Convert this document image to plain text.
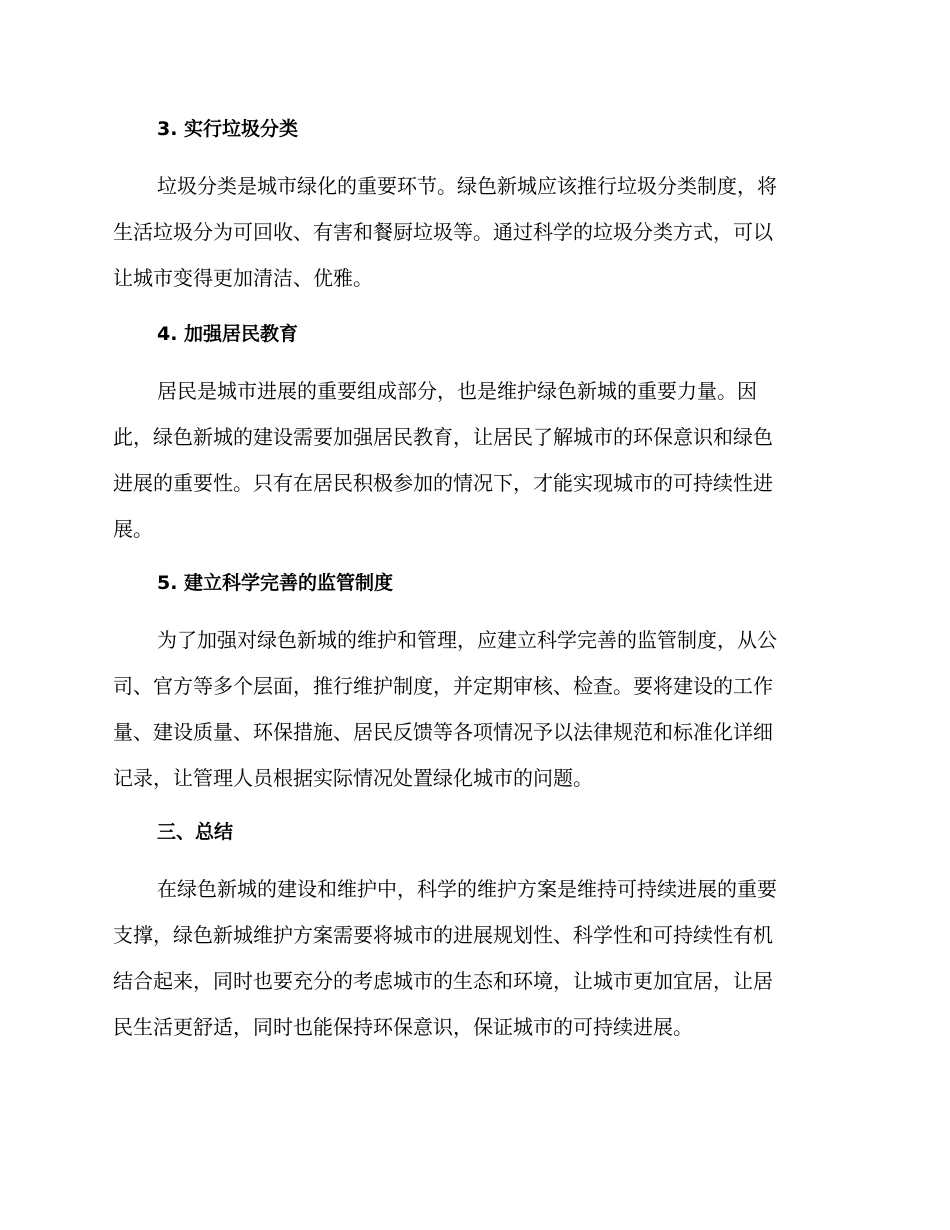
3. 实行垃圾分类
垃圾分类是城市绿化的重要环节。绿色新城应该推行垃圾分类制度，将
生活垃圾分为可回收、有害和餐厨垃圾等。通过科学的垃圾分类方式，可以
让城市变得更加清洁、优雅。
4. 加强居民教育
居民是城市进展的重要组成部分，也是维护绿色新城的重要力量。因
此，绿色新城的建设需要加强居民教育，让居民了解城市的环保意识和绿色
进展的重要性。只有在居民积极参加的情况下，才能实现城市的可持续性进
展。
5. 建立科学完善的监管制度
为了加强对绿色新城的维护和管理，应建立科学完善的监管制度，从公
司、官方等多个层面，推行维护制度，并定期审核、检查。要将建设的工作
量、建设质量、环保措施、居民反馈等各项情况予以法律规范和标准化详细
记录，让管理人员根据实际情况处置绿化城市的问题。
三、总结
在绿色新城的建设和维护中，科学的维护方案是维持可持续进展的重要
支撑，绿色新城维护方案需要将城市的进展规划性、科学性和可持续性有机
结合起来，同时也要充分的考虑城市的生态和环境，让城市更加宜居，让居
民生活更舒适，同时也能保持环保意识，保证城市的可持续进展。
